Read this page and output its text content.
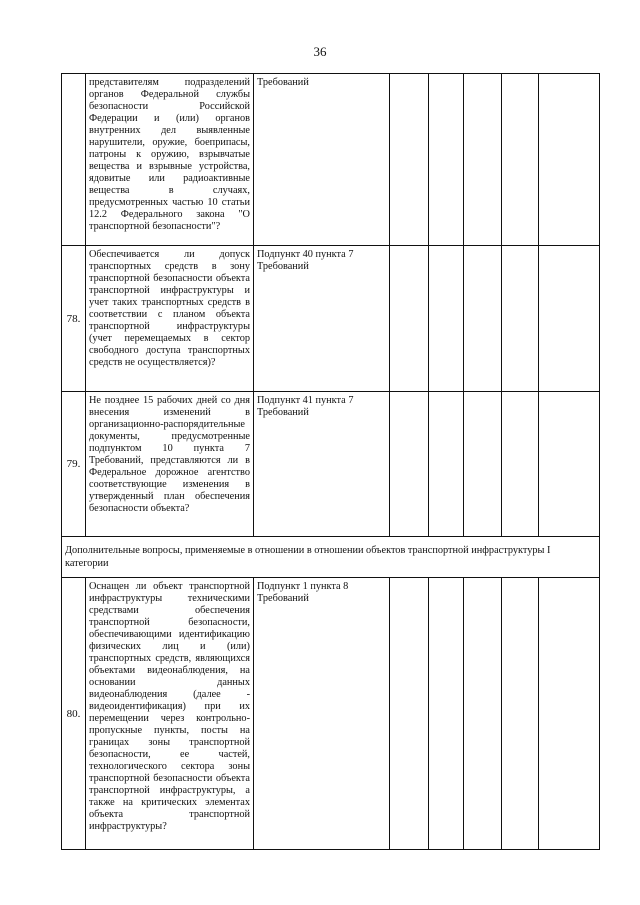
36
	представителям подразделений органов Федеральной службы безопасности Российской Федерации и (или) органов внутренних дел выявленные нарушители, оружие, боеприпасы, патроны к оружию, взрывчатые вещества и взрывные устройства, ядовитые или радиоактивные вещества в случаях, предусмотренных частью 10 статьи 12.2 Федерального закона "О транспортной безопасности"?	Требований					

78.	Обеспечивается ли допуск транспортных средств в зону транспортной безопасности объекта транспортной инфраструктуры и учет таких транспортных средств в соответствии с планом объекта транспортной инфраструктуры (учет перемещаемых в сектор свободного доступа транспортных средств не осуществляется)?	Подпункт 40 пункта 7
Требований					

79.	Не позднее 15 рабочих дней со дня внесения изменений в организационно-распорядительные документы, предусмотренные подпунктом 10 пункта 7 Требований, представляются ли в Федеральное дорожное агентство соответствующие изменения в утвержденный план обеспечения безопасности объекта?	Подпункт 41 пункта 7
Требований					

Дополнительные вопросы, применяемые в отношении в отношении объектов транспортной инфраструктуры I категории							
80.	Оснащен ли объект транспортной инфраструктуры техническими средствами обеспечения транспортной безопасности, обеспечивающими идентификацию физических лиц и (или) транспортных средств, являющихся объектами видеонаблюдения, на основании данных видеонаблюдения (далее - видеоидентификация) при их перемещении через контрольно-пропускные пункты, посты на границах зоны транспортной безопасности, ее частей, технологического сектора зоны транспортной безопасности объекта транспортной инфраструктуры, а также на критических элементах объекта транспортной инфраструктуры?	Подпункт 1 пункта 8
Требований					
